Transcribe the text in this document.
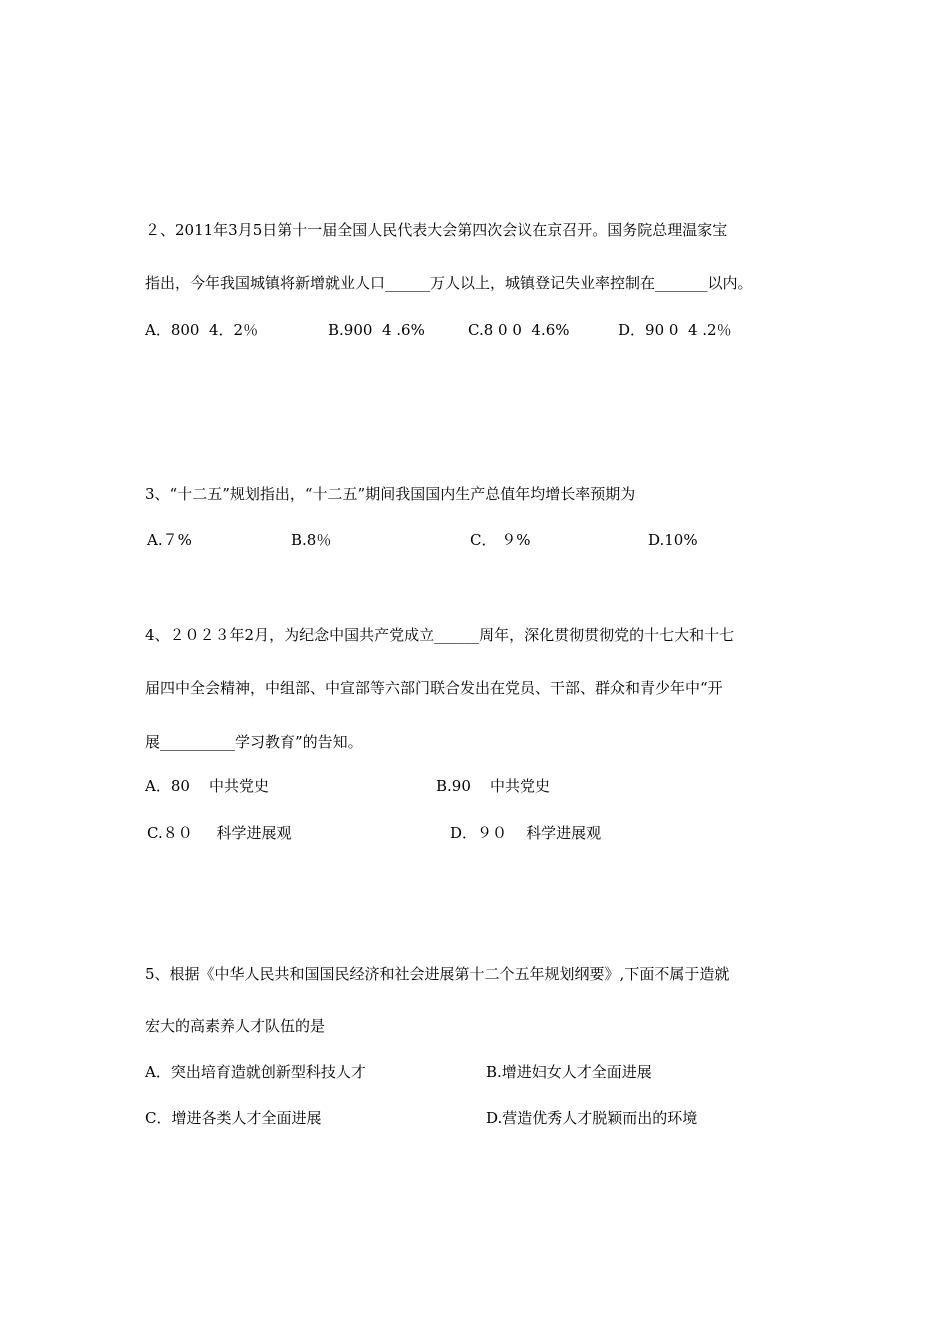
２、2011年3月5日第十一届全国人民代表大会第四次会议在京召开。国务院总理温家宝
指出，今年我国城镇将新增就业人口______万人以上，城镇登记失业率控制在_______以内。
A．800  4．2％	B.900  4 .6%	C.8 0 0  4.6%	D．90 0  4 .2％
3、“十二五”规划指出，“十二五”期间我国国内生产总值年均增长率预期为
A.７%	B.8％	C． ９%	D.10%
4、２０２３年2月，为纪念中国共产党成立______周年，深化贯彻贯彻党的十七大和十七
届四中全会精神，中组部、中宣部等六部门联合发出在党员、干部、群众和青少年中“开
展__________学习教育”的告知。
A．80    中共党史	B.90    中共党史
C.８０     科学进展观	D．９０    科学进展观
5、根据《中华人民共和国国民经济和社会进展第十二个五年规划纲要》,下面不属于造就
宏大的高素养人才队伍的是
A．突出培育造就创新型科技人才	B.增进妇女人才全面进展
C．增进各类人才全面进展	D.营造优秀人才脱颖而出的环境
